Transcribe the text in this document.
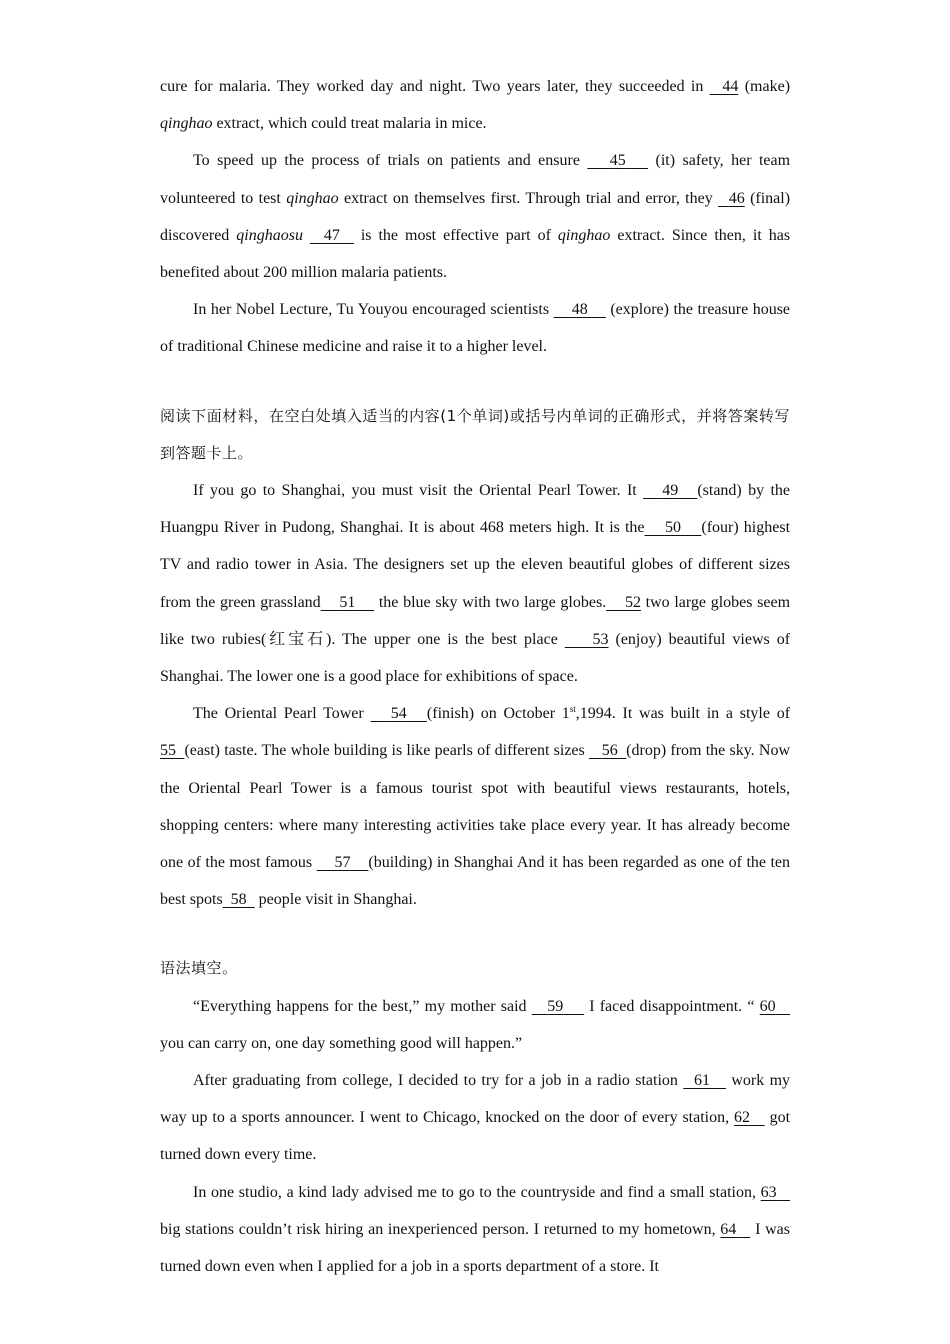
cure for malaria. They worked day and night. Two years later, they succeeded in 44 (make) qinghao extract, which could treat malaria in mice.

To speed up the process of trials on patients and ensure 45 (it) safety, her team volunteered to test qinghao extract on themselves first. Through trial and error, they 46 (final) discovered qinghaosu 47 is the most effective part of qinghao extract. Since then, it has benefited about 200 million malaria patients.

In her Nobel Lecture, Tu Youyou encouraged scientists 48 (explore) the treasure house of traditional Chinese medicine and raise it to a higher level.

阅读下面材料，在空白处填入适当的内容(1个单词)或括号内单词的正确形式，并将答案转写到答题卡上。

If you go to Shanghai, you must visit the Oriental Pearl Tower. It 49 (stand) by the Huangpu River in Pudong, Shanghai. It is about 468 meters high. It is the 50 (four) highest TV and radio tower in Asia. The designers set up the eleven beautiful globes of different sizes from the green grassland 51 the blue sky with two large globes. 52 two large globes seem like two rubies(红宝石). The upper one is the best place 53 (enjoy) beautiful views of Shanghai. The lower one is a good place for exhibitions of space.

The Oriental Pearl Tower 54 (finish) on October 1st,1994. It was built in a style of 55 (east) taste. The whole building is like pearls of different sizes 56 (drop) from the sky. Now the Oriental Pearl Tower is a famous tourist spot with beautiful views restaurants, hotels, shopping centers: where many interesting activities take place every year. It has already become one of the most famous 57 (building) in Shanghai And it has been regarded as one of the ten best spots 58 people visit in Shanghai.

语法填空。

“Everything happens for the best,” my mother said 59 I faced disappointment. “ 60    you can carry on, one day something good will happen.”

After graduating from college, I decided to try for a job in a radio station 61 work my way up to a sports announcer. I went to Chicago, knocked on the door of every station, 62 got turned down every time.

In one studio, a kind lady advised me to go to the countryside and find a small station, 63    big stations couldn’t risk hiring an inexperienced person. I returned to my hometown, 64 I was turned down even when I applied for a job in a sports department of a store. It
